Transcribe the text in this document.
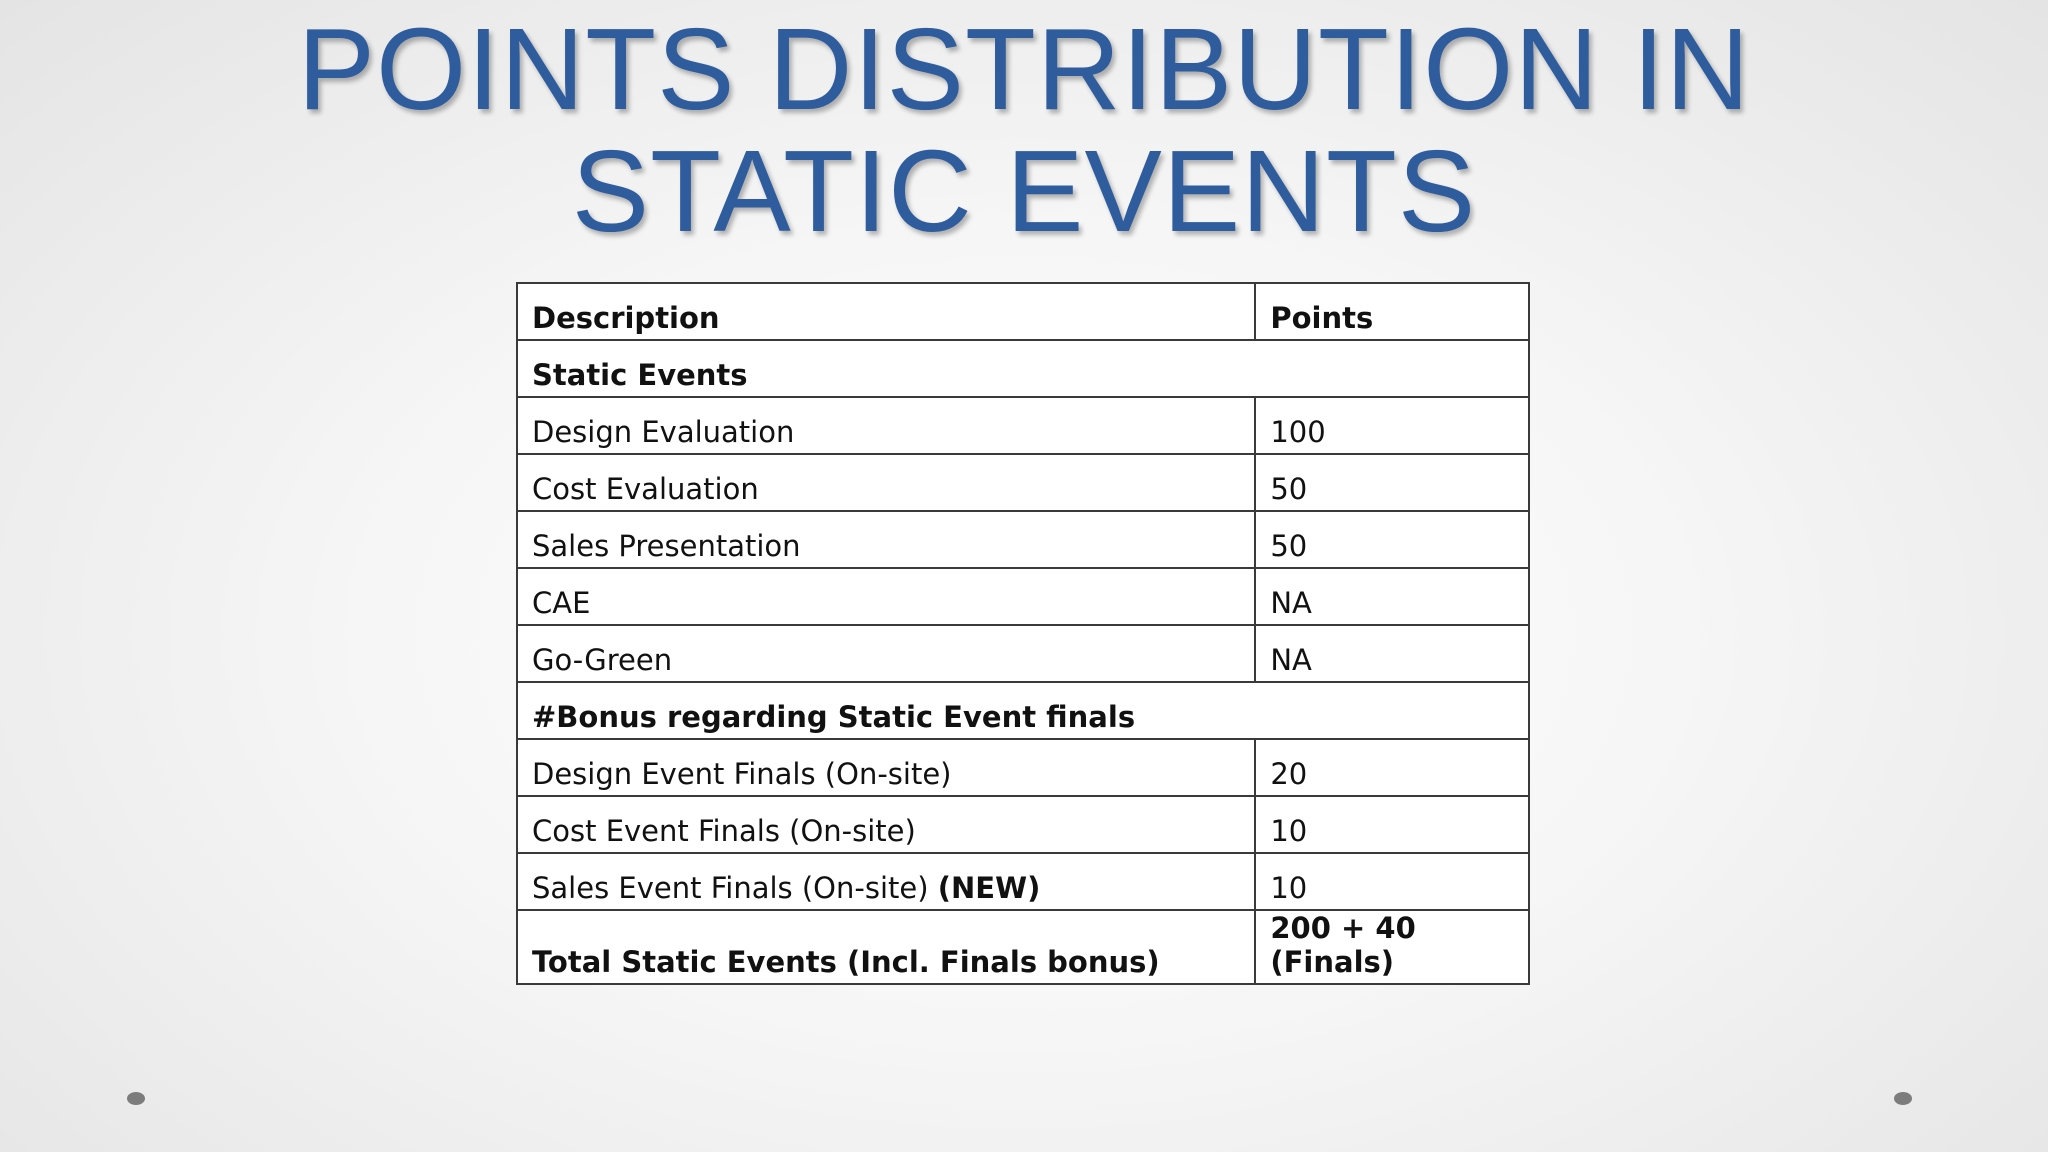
POINTS DISTRIBUTION IN
STATIC EVENTS
Description	Points
Static Events	
Design Evaluation	100
Cost Evaluation	50
Sales Presentation	50
CAE	NA
Go-Green	NA
#Bonus regarding Static Event finals	
Design Event Finals (On-site)	20
Cost Event Finals (On-site)	10
Sales Event Finals (On-site) (NEW)	10
Total Static Events (Incl. Finals bonus)	200 + 40 (Finals)
